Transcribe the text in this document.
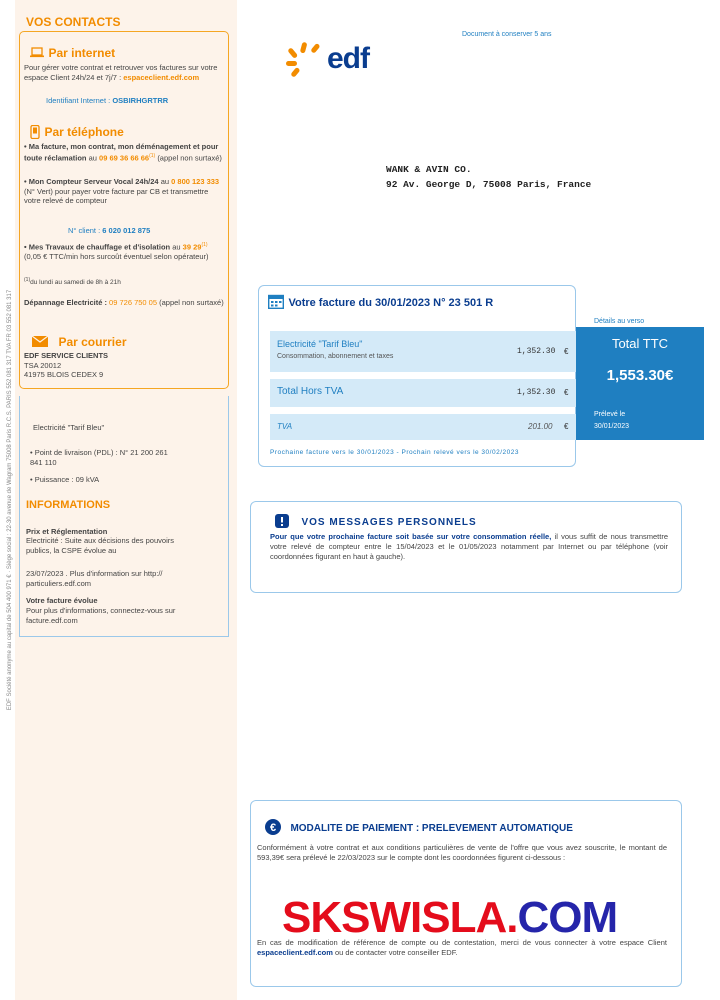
EDF Société anonyme au capital de 504 400 971 € · Siège social : 22-30 avenue de Wagram 75008 Paris R.C.S. PARIS 552 081 317 TVA FR 03 552 081 317
VOS CONTACTS
Par internet
Pour gérer votre contrat et retrouver vos factures sur votre espace Client 24h/24 et 7j/7 : espaceclient.edf.com
Identifiant Internet : OSBIRHGRTRR
Par téléphone
• Ma facture, mon contrat, mon déménagement et pour toute réclamation au 09 69 36 66 66$^{(1)}$ (appel non surtaxé)
• Mon Compteur Serveur Vocal 24h/24 au 0 800 123 333 (N° Vert) pour payer votre facture par CB et transmettre votre relevé de compteur
N° client : 6 020 012 875
• Mes Travaux de chauffage et d'isolation au 39 29$^{(1)}$ (0,05 € TTC/min hors surcoût éventuel selon opérateur)
$^{(1)}$du lundi au samedi de 8h à 21h
Dépannage Electricité : 09 726 750 05 (appel non surtaxé)
Par courrier
EDF SERVICE CLIENTS
TSA 20012
41975 BLOIS CEDEX 9
Electricité "Tarif Bleu"
• Point de livraison (PDL) : N° 21 200 261 841 110
• Puissance : 09 kVA
INFORMATIONS
Prix et Réglementation
Electricité : Suite aux décisions des pouvoirs publics, la CSPE évolue au
23/07/2023 . Plus d'information sur http:// particuliers.edf.com
Votre facture évolue
Pour plus d'informations, connectez-vous sur facture.edf.com
Document à conserver 5 ans
edf
WANK & AVIN CO.
92 Av. George D, 75008 Paris, France
Votre facture du 30/01/2023 N° 23 501 R
Détails au verso
Electricité "Tarif Bleu"
Consommation, abonnement et taxes
1,352.30 €
Total Hors TVA	1,352.30 €
TVA	201.00 €
Total TTC
1,553.30€
Prélevé le 30/01/2023
Prochaine facture vers le 30/01/2023 - Prochain relevé vers le 30/02/2023
VOS MESSAGES PERSONNELS
Pour que votre prochaine facture soit basée sur votre consommation réelle, il vous suffit de nous transmettre votre relevé de compteur entre le 15/04/2023 et le 01/05/2023 notamment par Internet ou par téléphone (voir coordonnées figurant en haut à gauche).
€ MODALITE DE PAIEMENT : PRELEVEMENT AUTOMATIQUE
Conformément à votre contrat et aux conditions particulières de vente de l'offre que vous avez souscrite, le montant de 593,39€ sera prélevé le 22/03/2023 sur le compte dont les coordonnées figurent ci-dessous :
En cas de modification de référence de compte ou de contestation, merci de vous connecter à votre espace Client espaceclient.edf.com ou de contacter votre conseiller EDF.
SKSWISLA.COM
